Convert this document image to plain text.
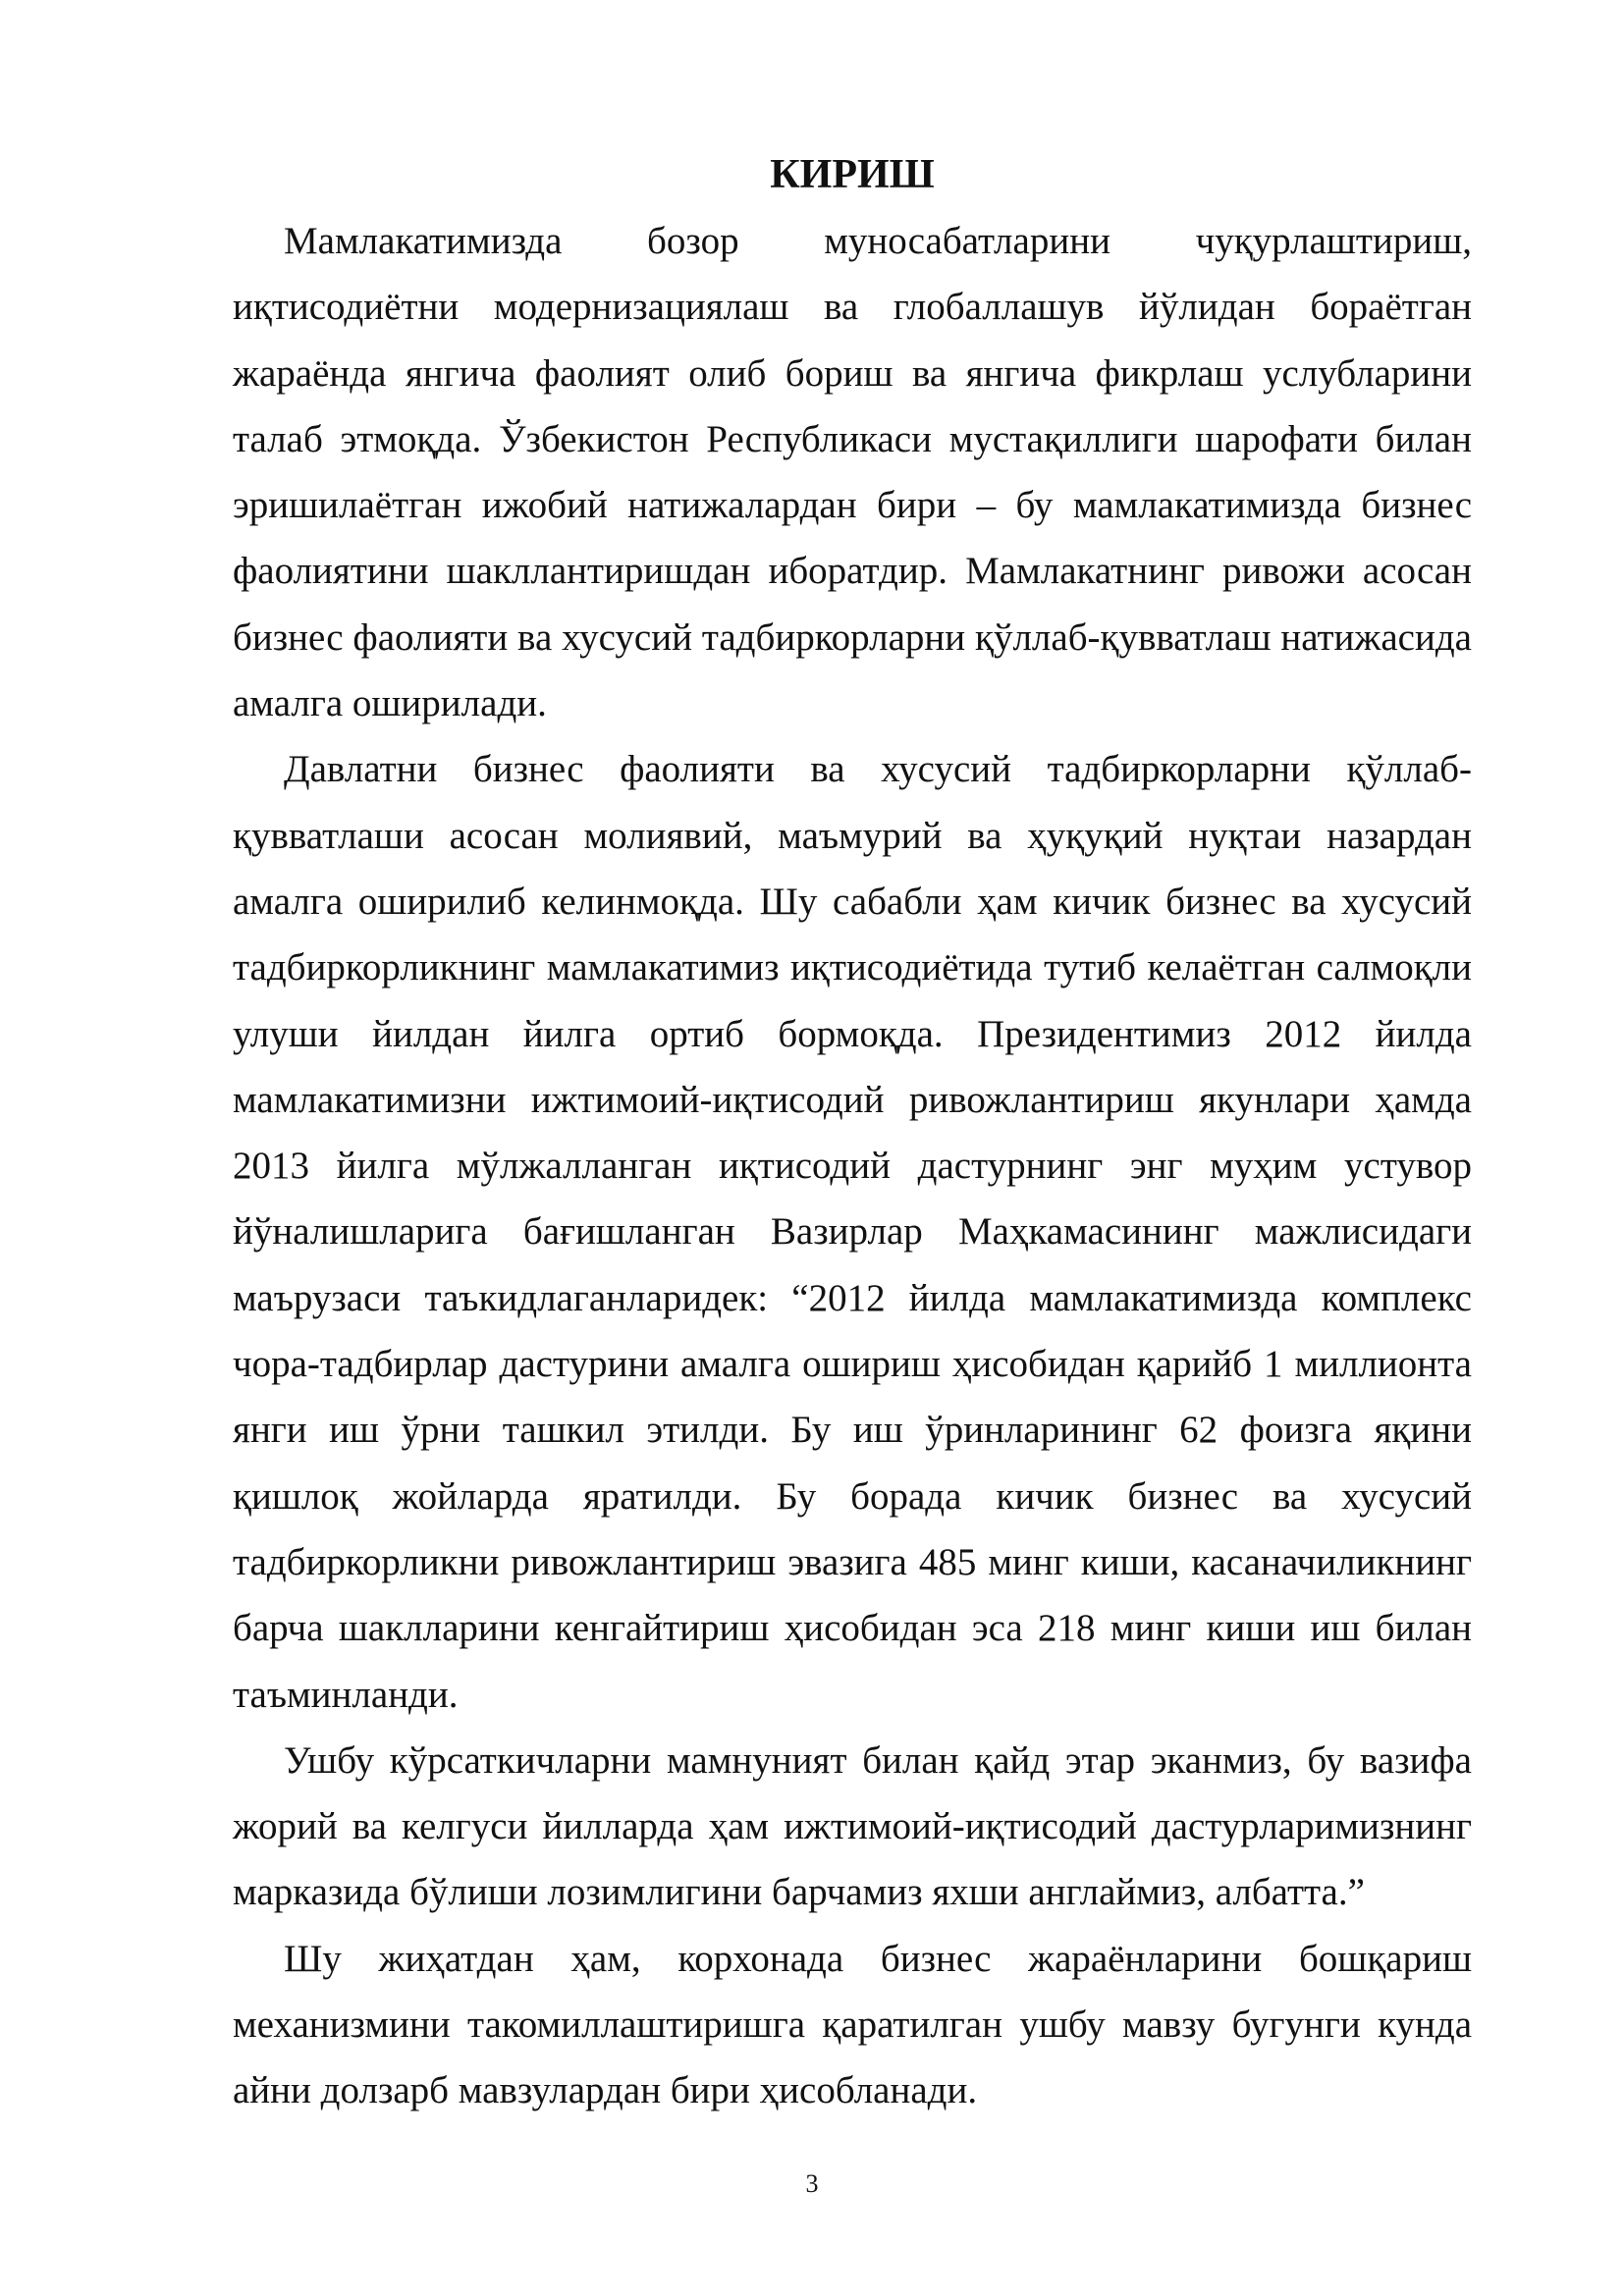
КИРИШ

Мамлакатимизда бозор муносабатларини чуқурлаштириш, иқтисодиётни модернизациялаш ва глобаллашув йўлидан бораётган жараёнда янгича фаолият олиб бориш ва янгича фикрлаш услубларини талаб этмоқда. Ўзбекистон Республикаси мустақиллиги шарофати билан эришилаётган ижобий натижалардан бири – бу мамлакатимизда бизнес фаолиятини шакллантиришдан иборатдир. Мамлакатнинг ривожи асосан бизнес фаолияти ва хусусий тадбиркорларни қўллаб-қувватлаш натижасида амалга оширилади.

Давлатни бизнес фаолияти ва хусусий тадбиркорларни қўллаб-қувватлаши асосан молиявий, маъмурий ва ҳуқуқий нуқтаи назардан амалга оширилиб келинмоқда. Шу сабабли ҳам кичик бизнес ва хусусий тадбиркорликнинг мамлакатимиз иқтисодиётида тутиб келаётган салмоқли улуши йилдан йилга ортиб бормоқда. Президентимиз 2012 йилда мамлакатимизни ижтимоий-иқтисодий ривожлантириш якунлари ҳамда 2013 йилга мўлжалланган иқтисодий дастурнинг энг муҳим устувор йўналишларига бағишланган Вазирлар Маҳкамасининг мажлисидаги маърузаси таъкидлаганларидек: “2012 йилда мамлакатимизда комплекс чора-тадбирлар дастурини амалга ошириш ҳисобидан қарийб 1 миллионта янги иш ўрни ташкил этилди. Бу иш ўринларининг 62 фоизга яқини қишлоқ жойларда яратилди. Бу борада кичик бизнес ва хусусий тадбиркорликни ривожлантириш эвазига 485 минг киши, касаначиликнинг барча шаклларини кенгайтириш ҳисобидан эса 218 минг киши иш билан таъминланди.

Ушбу кўрсаткичларни мамнуният билан қайд этар эканмиз, бу вазифа жорий ва келгуси йилларда ҳам ижтимоий-иқтисодий дастурларимизнинг марказида бўлиши лозимлигини барчамиз яхши англаймиз, албатта.”

Шу жиҳатдан ҳам, корхонада бизнес жараёнларини бошқариш механизмини такомиллаштиришга қаратилган ушбу мавзу бугунги кунда айни долзарб мавзулардан бири ҳисобланади.

3
